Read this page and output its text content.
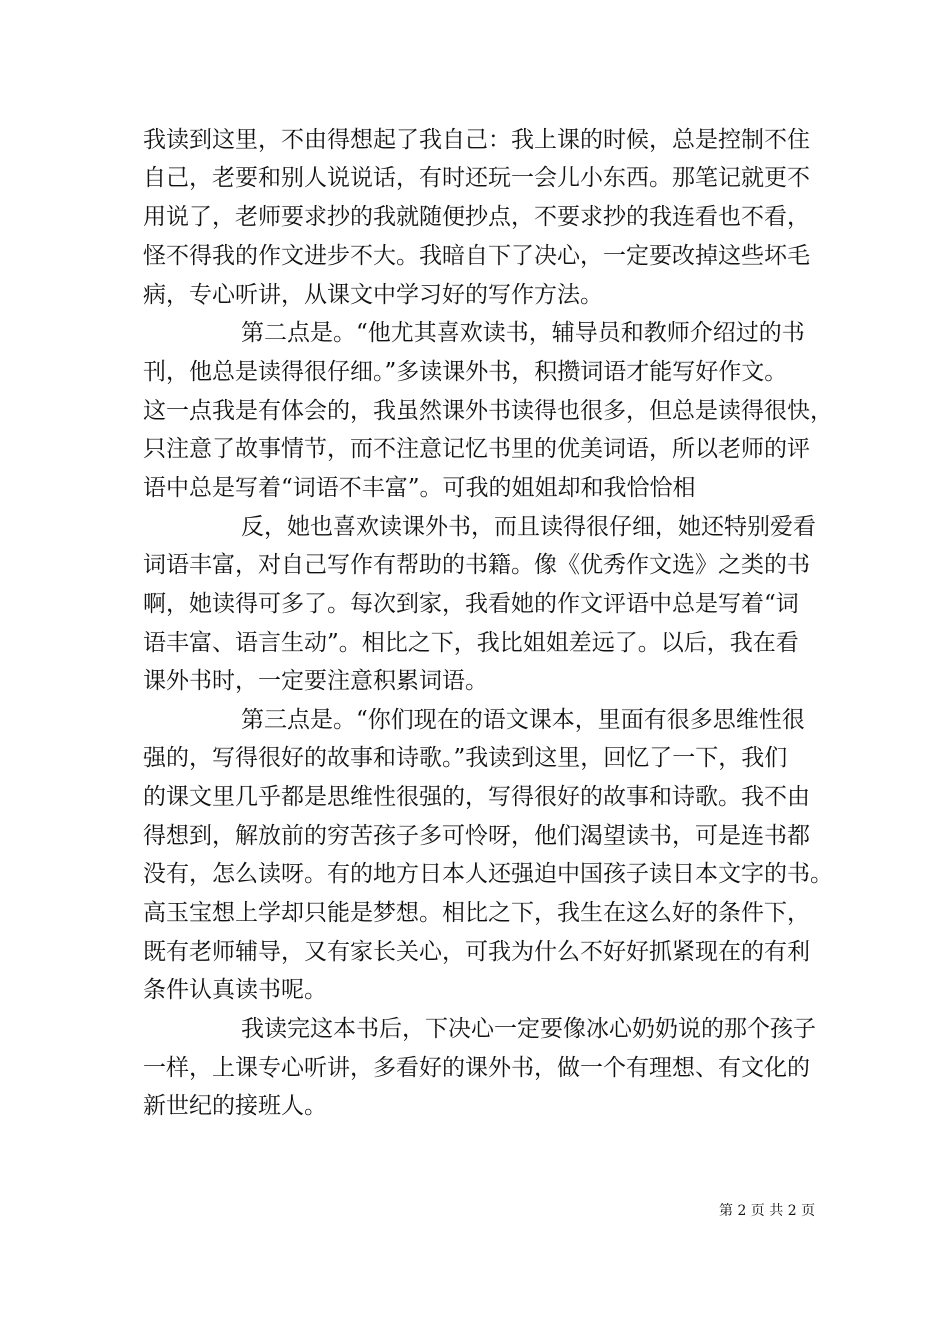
我读到这里，不由得想起了我自己：我上课的时候，总是控制不住
自己，老要和别人说说话，有时还玩一会儿小东西。那笔记就更不
用说了，老师要求抄的我就随便抄点，不要求抄的我连看也不看，
怪不得我的作文进步不大。我暗自下了决心，一定要改掉这些坏毛
病，专心听讲，从课文中学习好的写作方法。
第二点是。“他尤其喜欢读书，辅导员和教师介绍过的书
刊，他总是读得很仔细。”多读课外书，积攒词语才能写好作文。
这一点我是有体会的，我虽然课外书读得也很多，但总是读得很快，
只注意了故事情节，而不注意记忆书里的优美词语，所以老师的评
语中总是写着“词语不丰富”。可我的姐姐却和我恰恰相
反，她也喜欢读课外书，而且读得很仔细，她还特别爱看
词语丰富，对自己写作有帮助的书籍。像《优秀作文选》之类的书
啊，她读得可多了。每次到家，我看她的作文评语中总是写着“词
语丰富、语言生动”。相比之下，我比姐姐差远了。以后，我在看
课外书时，一定要注意积累词语。
第三点是。“你们现在的语文课本，里面有很多思维性很
强的，写得很好的故事和诗歌。”我读到这里，回忆了一下，我们
的课文里几乎都是思维性很强的，写得很好的故事和诗歌。我不由
得想到，解放前的穷苦孩子多可怜呀，他们渴望读书，可是连书都
没有，怎么读呀。有的地方日本人还强迫中国孩子读日本文字的书。
高玉宝想上学却只能是梦想。相比之下，我生在这么好的条件下，
既有老师辅导，又有家长关心，可我为什么不好好抓紧现在的有利
条件认真读书呢。
我读完这本书后，下决心一定要像冰心奶奶说的那个孩子
一样，上课专心听讲，多看好的课外书，做一个有理想、有文化的
新世纪的接班人。
第 2 页 共 2 页
